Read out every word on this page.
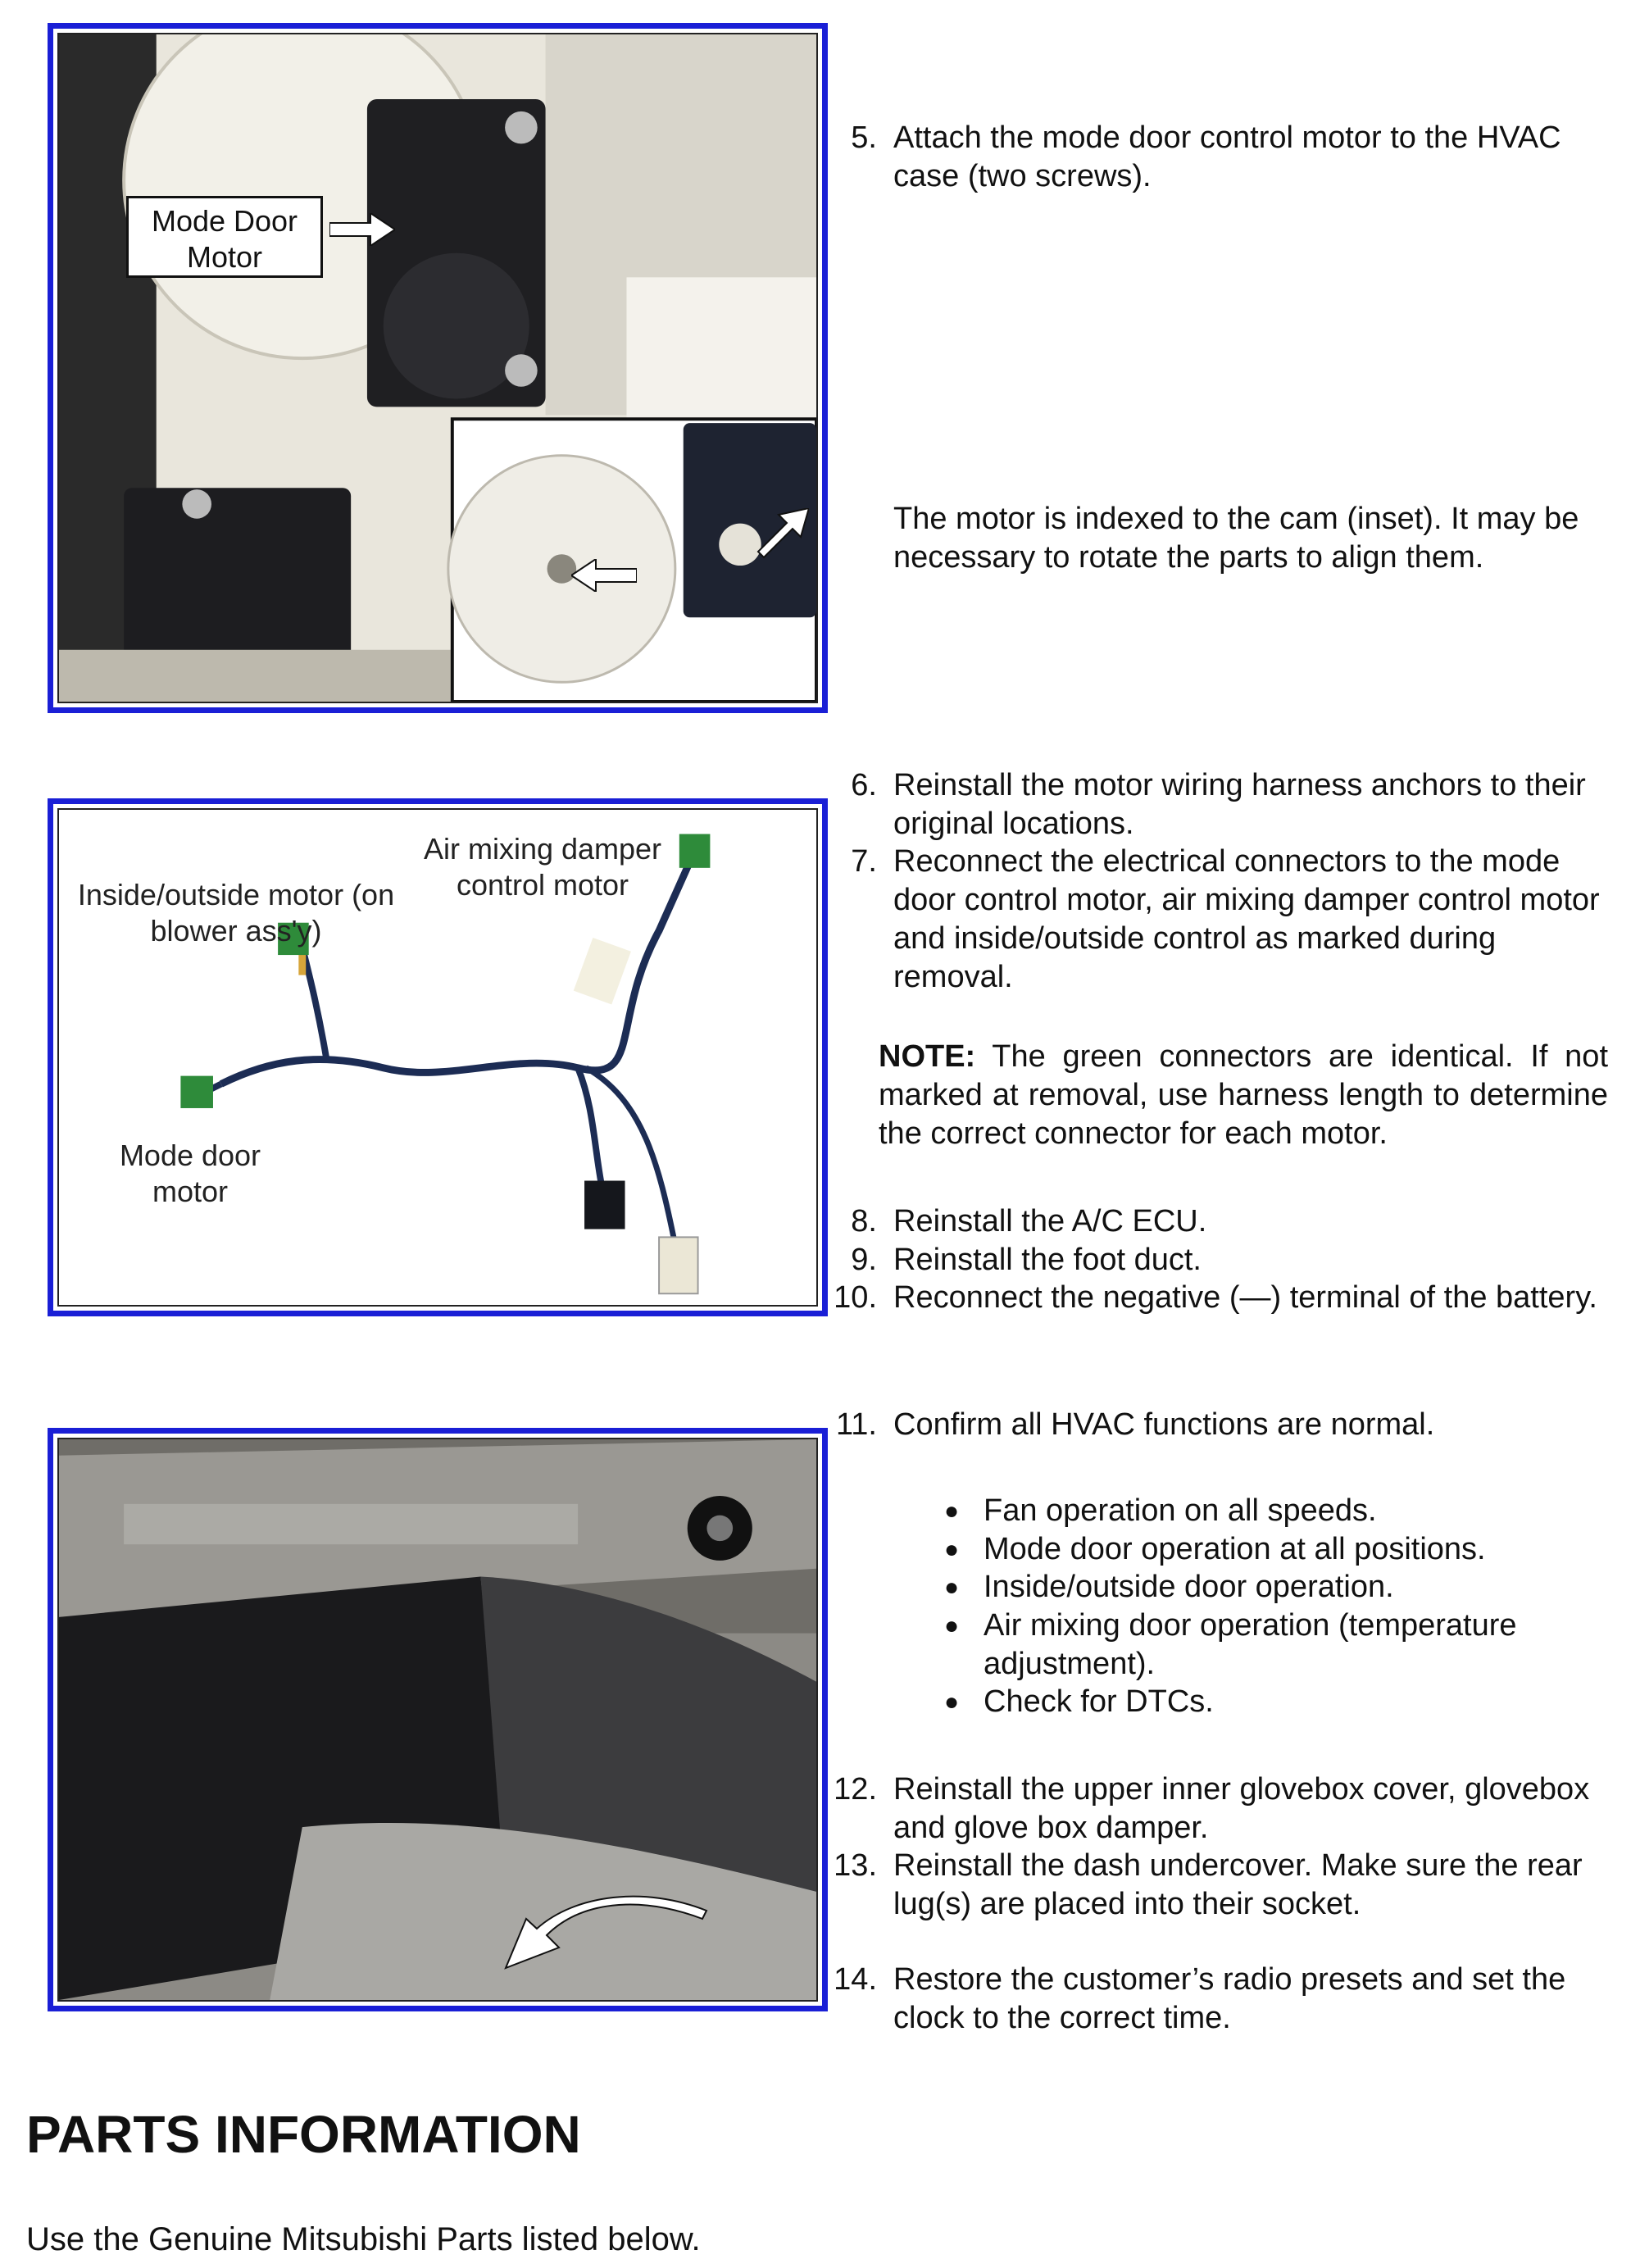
Mode Door Motor
Air mixing damper control motor
Inside/outside motor (on blower ass'y)
Mode door motor
5. Attach the mode door control motor to the HVAC case (two screws).
The motor is indexed to the cam (inset). It may be necessary to rotate the parts to align them.
6. Reinstall the motor wiring harness anchors to their original locations.
7. Reconnect the electrical connectors to the mode door control motor, air mixing damper control motor and inside/outside control as marked during removal.
NOTE: The green connectors are identical. If not marked at removal, use harness length to determine the correct connector for each motor.
8. Reinstall the A/C ECU.
9. Reinstall the foot duct.
10. Reconnect the negative (—) terminal of the battery.
11. Confirm all HVAC functions are normal.
● Fan operation on all speeds.
● Mode door operation at all positions.
● Inside/outside door operation.
● Air mixing door operation (temperature adjustment).
● Check for DTCs.
12. Reinstall the upper inner glovebox cover, glovebox and glove box damper.
13. Reinstall the dash undercover. Make sure the rear lug(s) are placed into their socket.
14. Restore the customer’s radio presets and set the clock to the correct time.
PARTS INFORMATION
Use the Genuine Mitsubishi Parts listed below.
